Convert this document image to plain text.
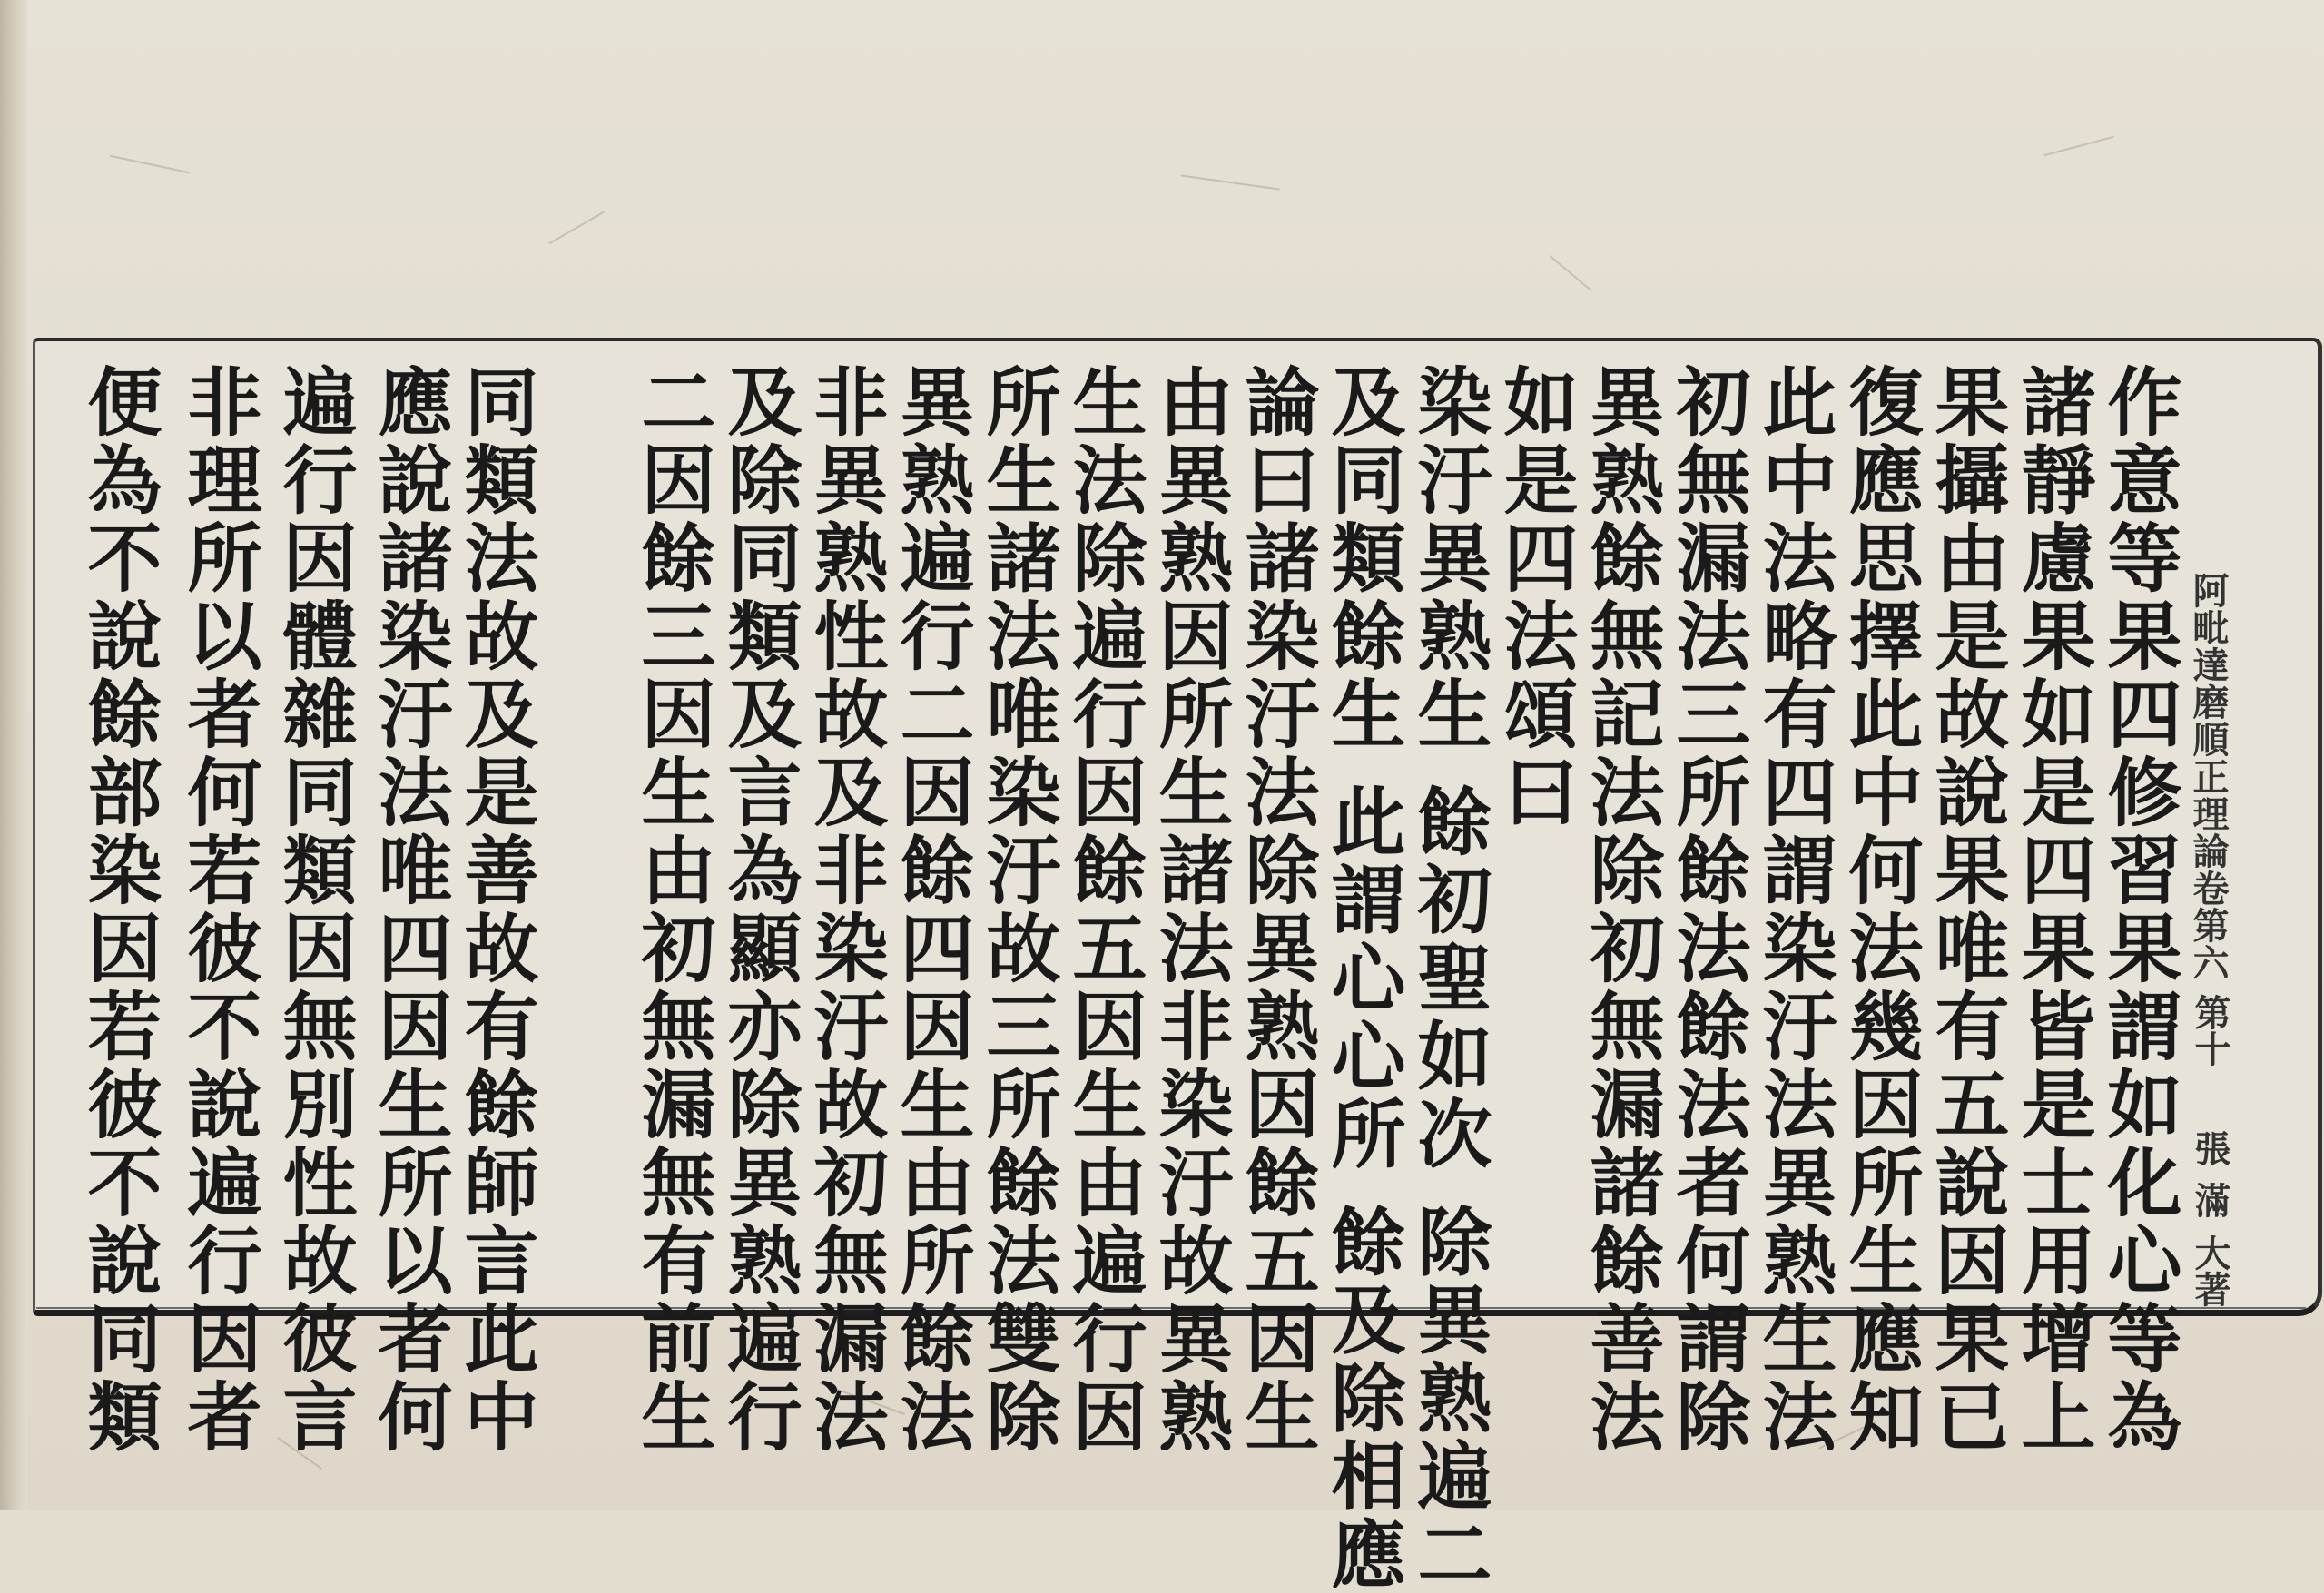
阿毗達磨順正理論卷第六
第十
張
滿
大著
作意等果四修習果謂如化心等為
諸靜慮果如是四果皆是士用增上
果攝由是故說果唯有五說因果已
復應思擇此中何法幾因所生應知
此中法略有四謂染汙法異熟生法
初無漏法三所餘法餘法者何謂除
異熟餘無記法除初無漏諸餘善法
如是四法頌曰
染汙異熟生 餘初聖如次 除異熟遍二
及同類餘生 此謂心心所 餘及除相應
論曰諸染汙法除異熟因餘五因生
由異熟因所生諸法非染汙故異熟
生法除遍行因餘五因生由遍行因
所生諸法唯染汙故三所餘法雙除
異熟遍行二因餘四因生由所餘法
非異熟性故及非染汙故初無漏法
及除同類及言為顯亦除異熟遍行
二因餘三因生由初無漏無有前生
同類法故及是善故有餘師言此中
應說諸染汙法唯四因生所以者何
遍行因體雜同類因無別性故彼言
非理所以者何若彼不說遍行因者
便為不說餘部染因若彼不說同類
